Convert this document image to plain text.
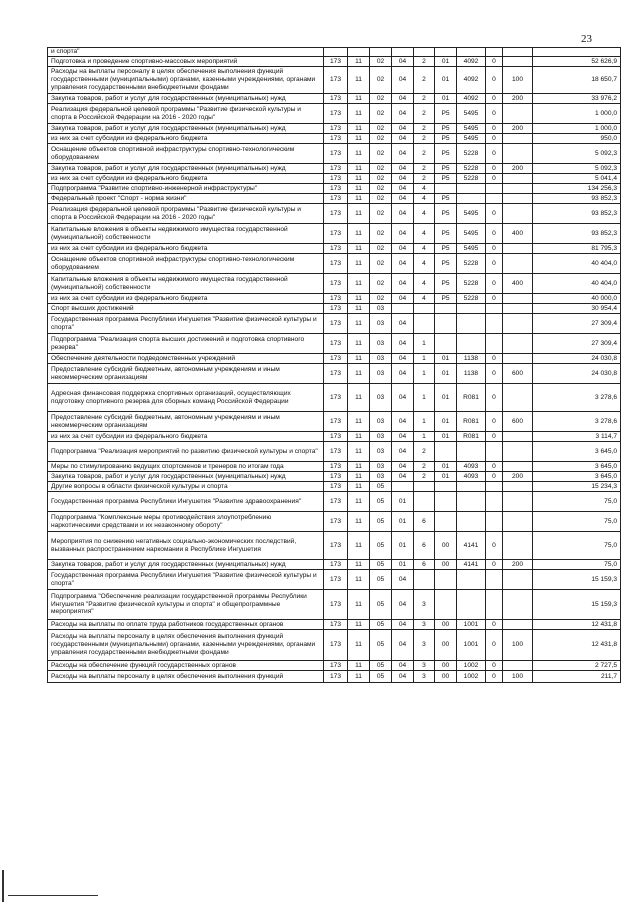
23
и спорта"										
Подготовка и проведение спортивно-массовых мероприятий	173	11	02	04	2	01	4092	0		52 626,9
Расходы на выплаты персоналу в целях обеспечения выполнения функций государственными (муниципальными) органами, казенными учреждениями, органами управления государственными внебюджетными фондами	173	11	02	04	2	01	4092	0	100	18 650,7
Закупка товаров, работ и услуг для государственных (муниципальных) нужд	173	11	02	04	2	01	4092	0	200	33 976,2
Реализация федеральной целевой программы "Развитие физической культуры и спорта в Российской Федерации на 2016 - 2020 годы"	173	11	02	04	2	P5	5495	0		1 000,0
Закупка товаров, работ и услуг для государственных (муниципальных) нужд	173	11	02	04	2	P5	5495	0	200	1 000,0
из них за счет субсидии из федерального бюджета	173	11	02	04	2	P5	5495	0		950,0
Оснащение объектов спортивной инфраструктуры спортивно-технологическим оборудованием	173	11	02	04	2	P5	5228	0		5 092,3
Закупка товаров, работ и услуг для государственных (муниципальных) нужд	173	11	02	04	2	P5	5228	0	200	5 092,3
из них за счет субсидии из федерального бюджета	173	11	02	04	2	P5	5228	0		5 041,4
Подпрограмма "Развитие спортивно-инженерной инфраструктуры"	173	11	02	04	4					134 256,3
Федеральный проект "Спорт - норма жизни"	173	11	02	04	4	P5				93 852,3
Реализация федеральной целевой программы "Развитие физической культуры и спорта в Российской Федерации на 2016 - 2020 годы"	173	11	02	04	4	P5	5495	0		93 852,3
Капитальные вложения в объекты недвижимого имущества государственной (муниципальной) собственности	173	11	02	04	4	P5	5495	0	400	93 852,3
из них за счет субсидии из федерального бюджета	173	11	02	04	4	P5	5495	0		81 795,3
Оснащение объектов спортивной инфраструктуры спортивно-технологическим оборудованием	173	11	02	04	4	P5	5228	0		40 404,0
Капитальные вложения в объекты недвижимого имущества государственной (муниципальной) собственности	173	11	02	04	4	P5	5228	0	400	40 404,0
из них за счет субсидии из федерального бюджета	173	11	02	04	4	P5	5228	0		40 000,0
Спорт высших достижений	173	11	03							30 954,4
Государственная программа Республики Ингушетия "Развитие физической культуры и спорта"	173	11	03	04						27 309,4
Подпрограмма "Реализация спорта высших достижений и подготовка спортивного резерва"	173	11	03	04	1					27 309,4
Обеспечение деятельности подведомственных учреждений	173	11	03	04	1	01	1138	0		24 030,8
Предоставление субсидий бюджетным, автономным учреждениям и иным некоммерческим организациям	173	11	03	04	1	01	1138	0	600	24 030,8
Адресная финансовая поддержка спортивных организаций, осуществляющих подготовку спортивного резерва для сборных команд Российской Федерации	173	11	03	04	1	01	R081	0		3 278,6
Предоставление субсидий бюджетным, автономным учреждениям и иным некоммерческим организациям	173	11	03	04	1	01	R081	0	600	3 278,6
из них за счет субсидии из федерального бюджета	173	11	03	04	1	01	R081	0		3 114,7
Подпрограмма "Реализация мероприятий по развитию физической культуры и спорта"	173	11	03	04	2					3 645,0
Меры по стимулированию ведущих спортсменов и тренеров по итогам года	173	11	03	04	2	01	4093	0		3 645,0
Закупка товаров, работ и услуг для государственных (муниципальных) нужд	173	11	03	04	2	01	4093	0	200	3 645,0
Другие вопросы в области физической культуры и спорта	173	11	05							15 234,3
Государственная программа Республики Ингушетия "Развитие здравоохранения"	173	11	05	01						75,0
Подпрограмма "Комплексные меры противодействия злоупотреблению наркотическими средствами и их незаконному обороту"	173	11	05	01	6					75,0
Мероприятия по снижению негативных социально-экономических последствий, вызванных распространением наркомании в Республике Ингушетия	173	11	05	01	6	00	4141	0		75,0
Закупка товаров, работ и услуг для государственных (муниципальных) нужд	173	11	05	01	6	00	4141	0	200	75,0
Государственная программа Республики Ингушетия "Развитие физической культуры и спорта"	173	11	05	04						15 159,3
Подпрограмма "Обеспечение реализации государственной программы Республики Ингушетия "Развитие физической культуры и спорта" и общепрограммные мероприятия"	173	11	05	04	3					15 159,3
Расходы на выплаты по оплате труда работников государственных органов	173	11	05	04	3	00	1001	0		12 431,8
Расходы на выплаты персоналу в целях обеспечения выполнения функций государственными (муниципальными) органами, казенными учреждениями, органами управления государственными внебюджетными фондами	173	11	05	04	3	00	1001	0	100	12 431,8
Расходы на обеспечение функций государственных органов	173	11	05	04	3	00	1002	0		2 727,5
Расходы на выплаты персоналу в целях обеспечения выполнения функций	173	11	05	04	3	00	1002	0	100	211,7
